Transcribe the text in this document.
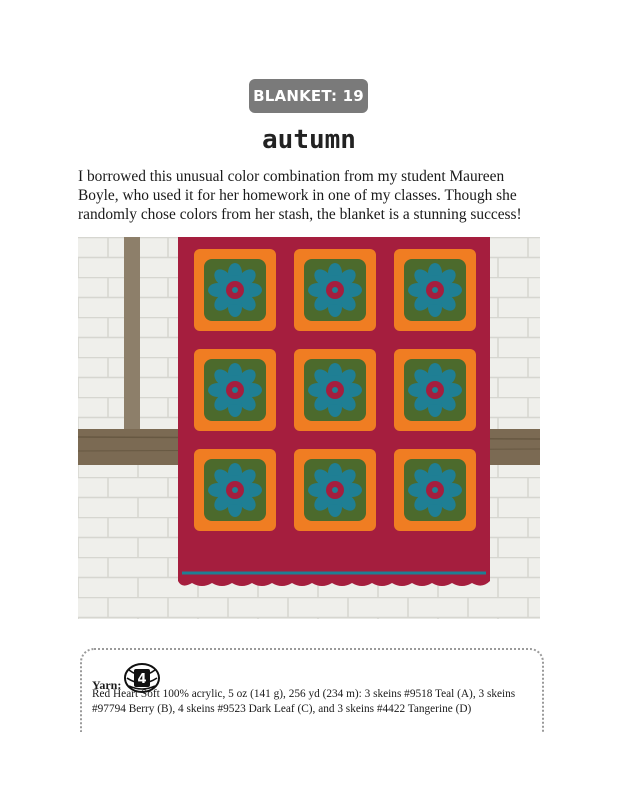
BLANKET: 19
autumn

I borrowed this unusual color combination from my student Maureen Boyle, who used it for her homework in one of my classes. Though she randomly chose colors from her stash, the blanket is a stunning success!

Yarn: 4
Red Heart Soft 100% acrylic, 5 oz (141 g), 256 yd (234 m): 3 skeins #9518 Teal (A), 3 skeins #97794 Berry (B), 4 skeins #9523 Dark Leaf (C), and 3 skeins #4422 Tangerine (D)
